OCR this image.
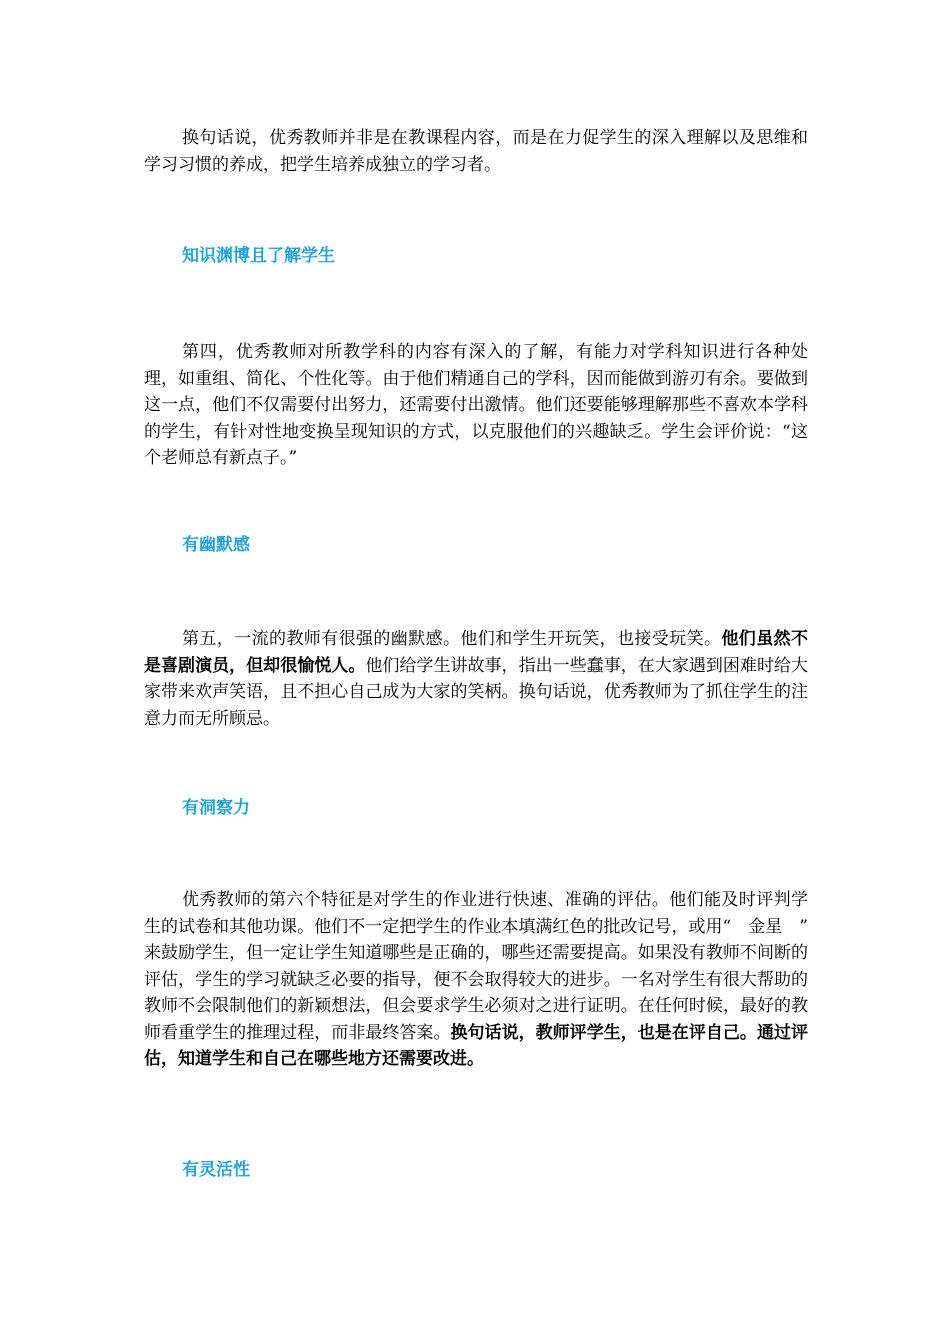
换句话说，优秀教师并非是在教课程内容，而是在力促学生的深入理解以及思维和学习习惯的养成，把学生培养成独立的学习者。

知识渊博且了解学生

第四，优秀教师对所教学科的内容有深入的了解，有能力对学科知识进行各种处理，如重组、简化、个性化等。由于他们精通自己的学科，因而能做到游刃有余。要做到这一点，他们不仅需要付出努力，还需要付出激情。他们还要能够理解那些不喜欢本学科的学生，有针对性地变换呈现知识的方式，以克服他们的兴趣缺乏。学生会评价说：“这个老师总有新点子。”

有幽默感

第五，一流的教师有很强的幽默感。他们和学生开玩笑，也接受玩笑。他们虽然不是喜剧演员，但却很愉悦人。他们给学生讲故事，指出一些蠢事，在大家遇到困难时给大家带来欢声笑语，且不担心自己成为大家的笑柄。换句话说，优秀教师为了抓住学生的注意力而无所顾忌。

有洞察力

优秀教师的第六个特征是对学生的作业进行快速、准确的评估。他们能及时评判学生的试卷和其他功课。他们不一定把学生的作业本填满红色的批改记号，或用“　金星　”　来鼓励学生，但一定让学生知道哪些是正确的，哪些还需要提高。如果没有教师不间断的评估，学生的学习就缺乏必要的指导，便不会取得较大的进步。一名对学生有很大帮助的教师不会限制他们的新颖想法，但会要求学生必须对之进行证明。在任何时候，最好的教师看重学生的推理过程，而非最终答案。换句话说，教师评学生，也是在评自己。通过评估，知道学生和自己在哪些地方还需要改进。

有灵活性
